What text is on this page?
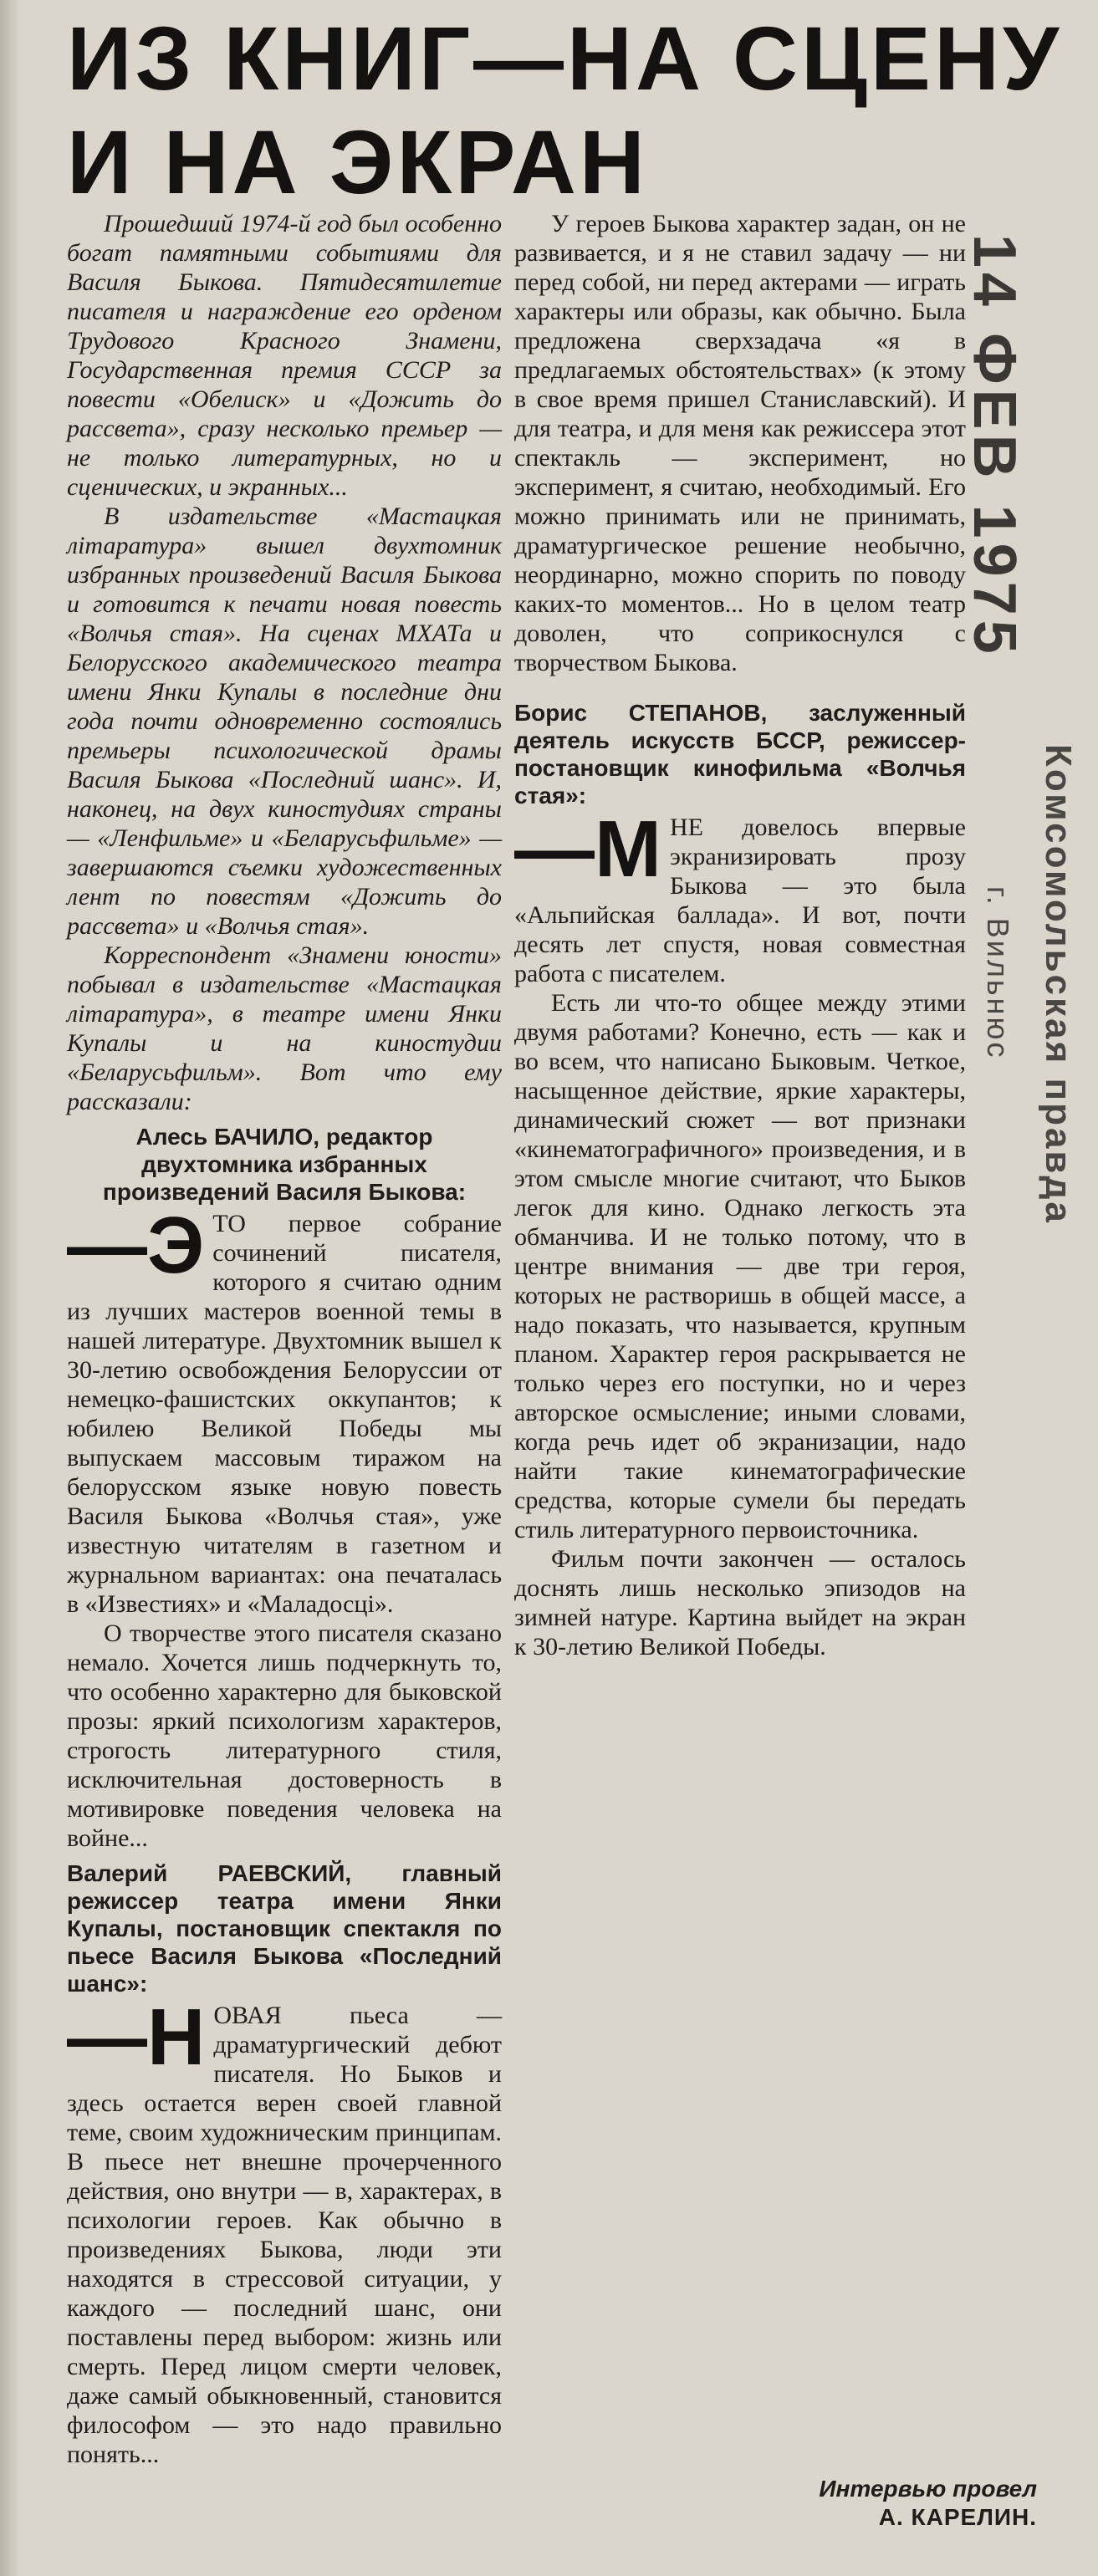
ИЗ КНИГ—НА СЦЕНУ
И НА ЭКРАН
14 ФЕВ 1975
Комсомольская правда
г. Вильнюс

Прошедший 1974-й год был особенно богат памятными событиями для Василя Быкова. Пятидесятилетие писателя и награждение его орденом Трудового Красного Знамени, Государственная премия СССР за повести «Обелиск» и «Дожить до рассвета», сразу несколько премьер — не только литературных, но и сценических, и экранных...

В издательстве «Мастацкая лiтаратура» вышел двухтомник избранных произведений Василя Быкова и готовится к печати новая повесть «Волчья стая». На сценах МХАТа и Белорусского академического театра имени Янки Купалы в последние дни года почти одновременно состоялись премьеры психологической драмы Василя Быкова «Последний шанс». И, наконец, на двух киностудиях страны — «Ленфильме» и «Беларусьфильме» — завершаются съемки художественных лент по повестям «Дожить до рассвета» и «Волчья стая».

Корреспондент «Знамени юности» побывал в издательстве «Мастацкая лiтаратура», в театре имени Янки Купалы и на киностудии «Беларусьфильм». Вот что ему рассказали:

Алесь БАЧИЛО, редактор двухтомника избранных произведений Василя Быкова:

—Э ТО первое собрание сочинений писателя, которого я считаю одним из лучших мастеров военной темы в нашей литературе. Двухтомник вышел к 30-летию освобождения Белоруссии от немецко-фашистских оккупантов; к юбилею Великой Победы мы выпускаем массовым тиражом на белорусском языке новую повесть Василя Быкова «Волчья стая», уже известную читателям в газетном и журнальном вариантах: она печаталась в «Известиях» и «Маладосцi».

О творчестве этого писателя сказано немало. Хочется лишь подчеркнуть то, что особенно характерно для быковской прозы: яркий психологизм характеров, строгость литературного стиля, исключительная достоверность в мотивировке поведения человека на войне...

Валерий РАЕВСКИЙ, главный режиссер театра имени Янки Купалы, постановщик спектакля по пьесе Василя Быкова «Последний шанс»:

—Н ОВАЯ пьеса — драматургический дебют писателя. Но Быков и здесь остается верен своей главной теме, своим художническим принципам. В пьесе нет внешне прочерченного действия, оно внутри — в, характерах, в психологии героев. Как обычно в произведениях Быкова, люди эти находятся в стрессовой ситуации, у каждого — последний шанс, они поставлены перед выбором: жизнь или смерть. Перед лицом смерти человек, даже самый обыкновенный, становится философом — это надо правильно понять...

У героев Быкова характер задан, он не развивается, и я не ставил задачу — ни перед собой, ни перед актерами — играть характеры или образы, как обычно. Была предложена сверхзадача «я в предлагаемых обстоятельствах» (к этому в свое время пришел Станиславский). И для театра, и для меня как режиссера этот спектакль — эксперимент, но эксперимент, я считаю, необходимый. Его можно принимать или не принимать, драматургическое решение необычно, неординарно, можно спорить по поводу каких-то моментов... Но в целом театр доволен, что соприкоснулся с творчеством Быкова.

Борис СТЕПАНОВ, заслуженный деятель искусств БССР, режиссер-постановщик кинофильма «Волчья стая»:

—М НЕ довелось впервые экранизировать прозу Быкова — это была «Альпийская баллада». И вот, почти десять лет спустя, новая совместная работа с писателем.

Есть ли что-то общее между этими двумя работами? Конечно, есть — как и во всем, что написано Быковым. Четкое, насыщенное действие, яркие характеры, динамический сюжет — вот признаки «кинематографичного» произведения, и в этом смысле многие считают, что Быков легок для кино. Однако легкость эта обманчива. И не только потому, что в центре внимания — две три героя, которых не растворишь в общей массе, а надо показать, что называется, крупным планом. Характер героя раскрывается не только через его поступки, но и через авторское осмысление; иными словами, когда речь идет об экранизации, надо найти такие кинематографические средства, которые сумели бы передать стиль литературного первоисточника.

Фильм почти закончен — осталось доснять лишь несколько эпизодов на зимней натуре. Картина выйдет на экран к 30-летию Великой Победы.

Интервью провел
А. КАРЕЛИН.
